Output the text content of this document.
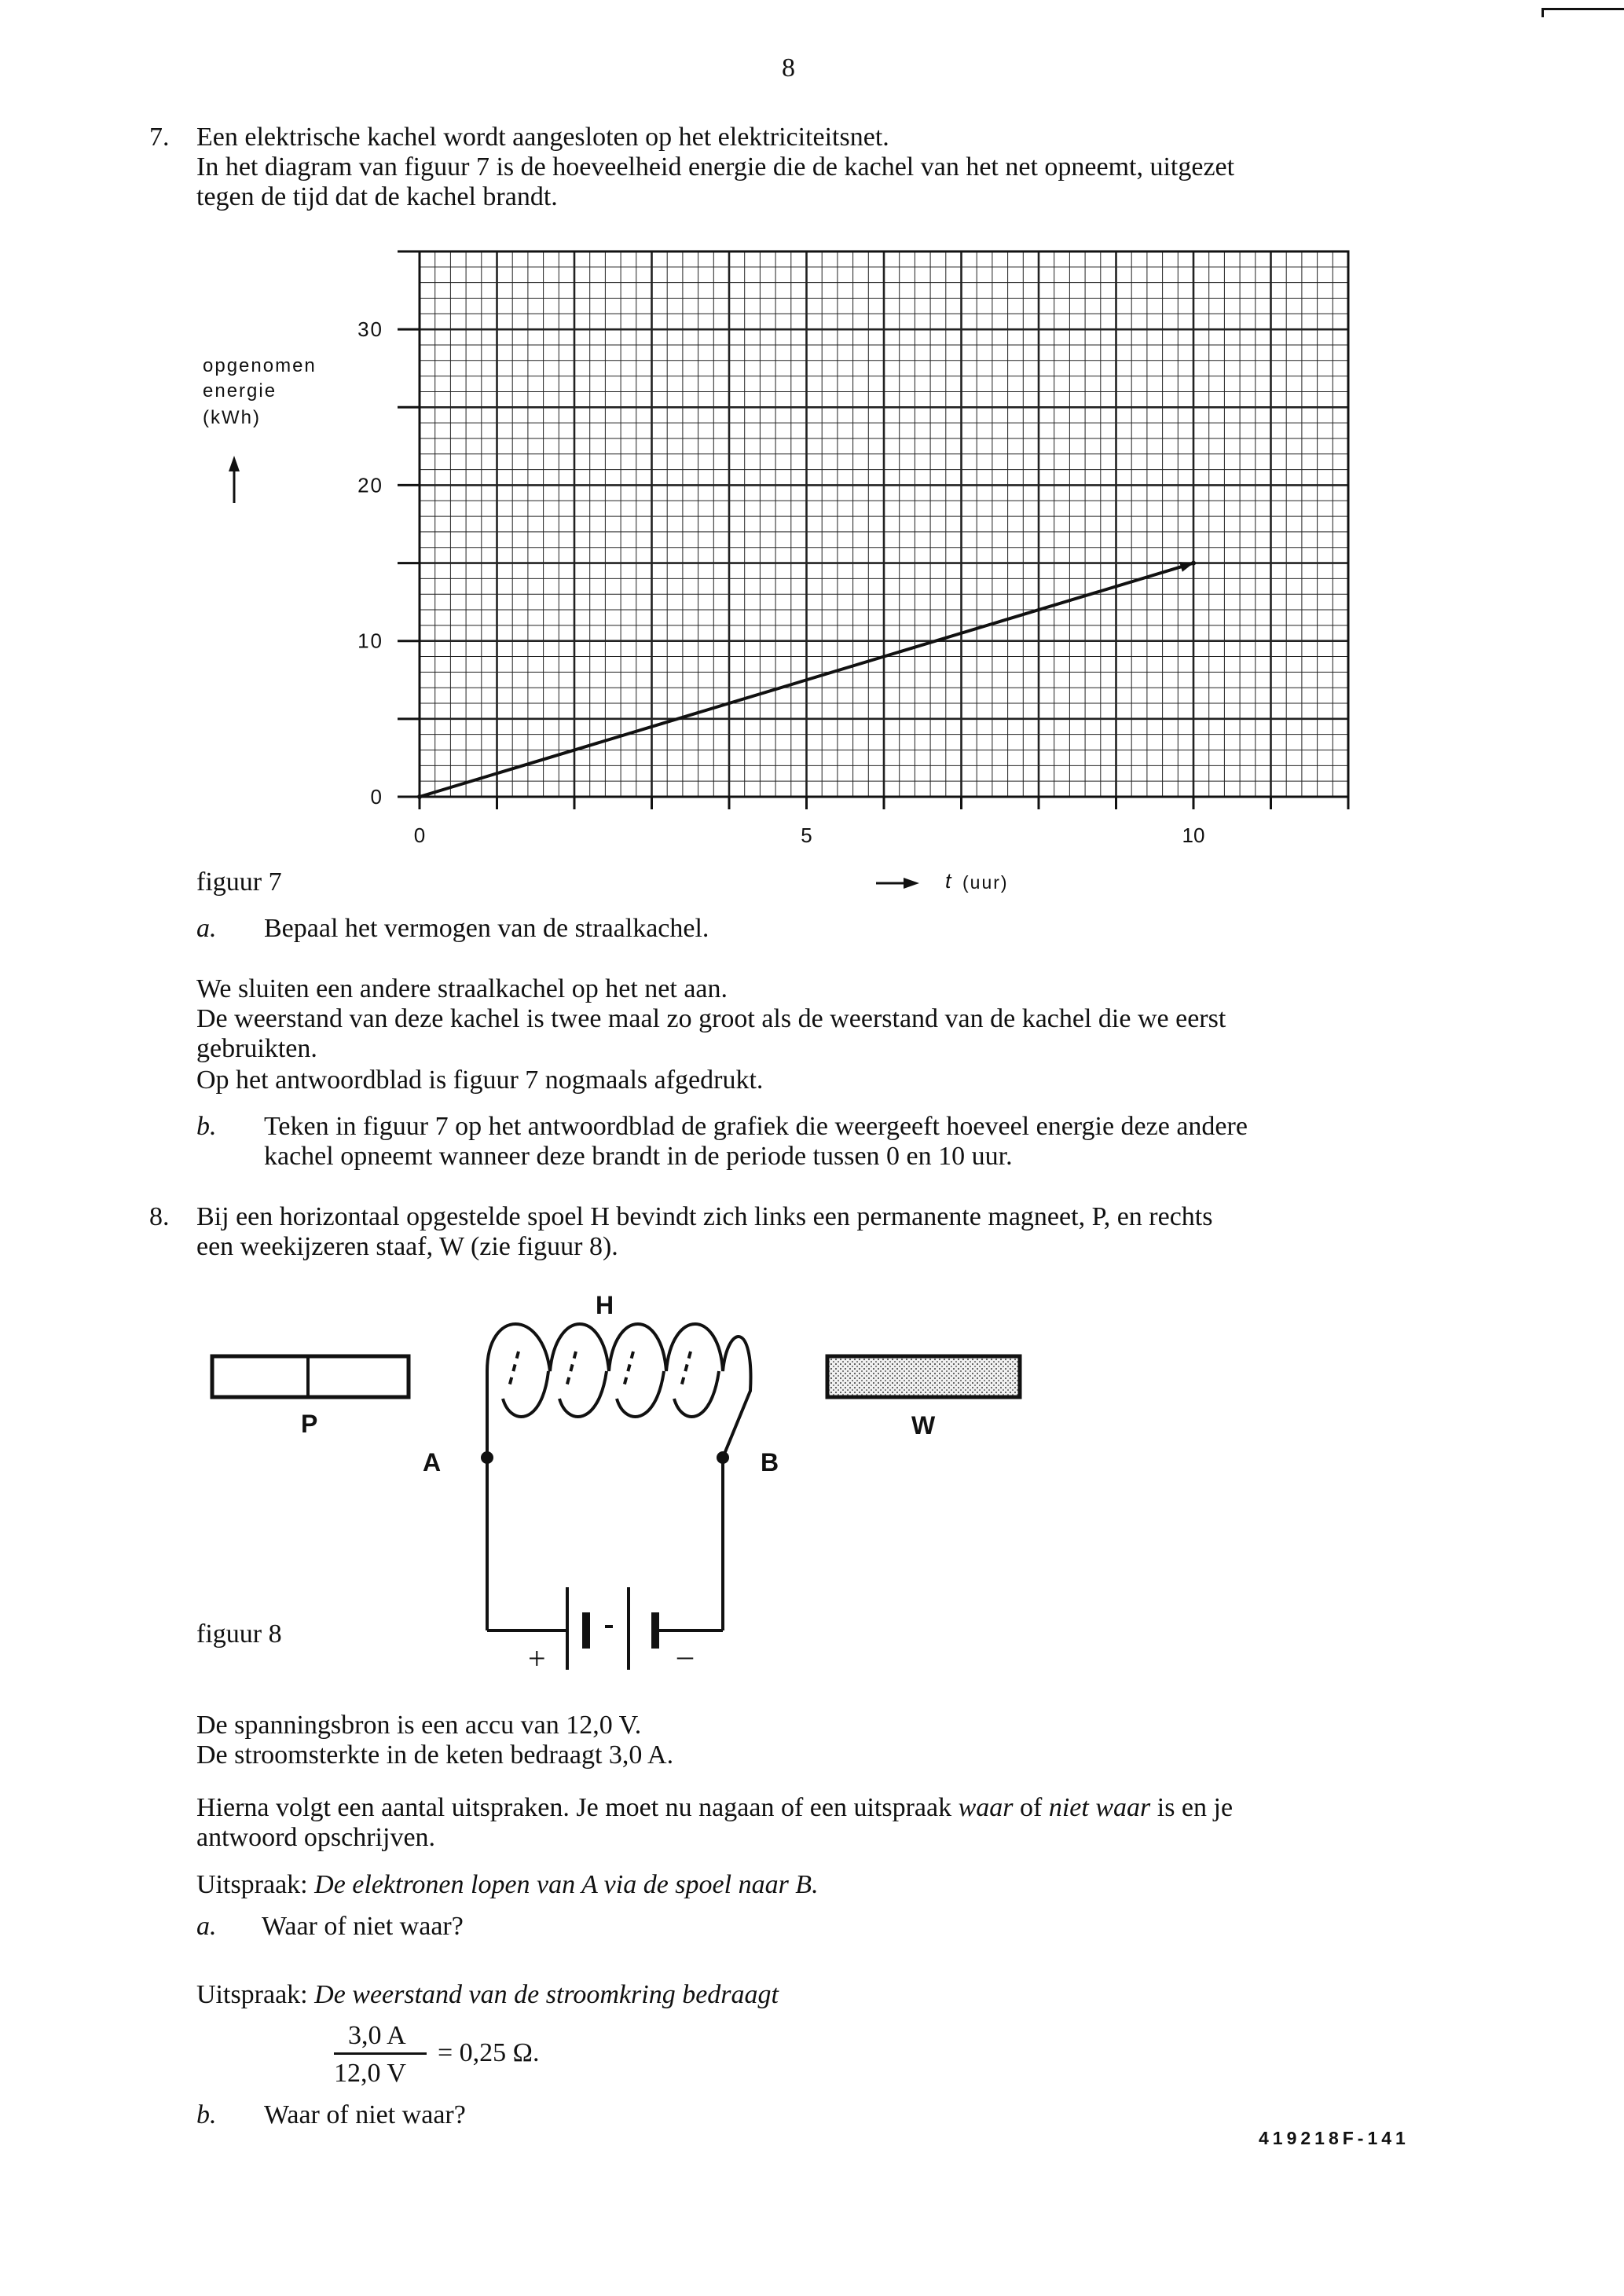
8

7. Een elektrische kachel wordt aangesloten op het elektriciteitsnet.

In het diagram van figuur 7 is de hoeveelheid energie die de kachel van het net opneemt, uitgezet

tegen de tijd dat de kachel brandt.

0	5	10
0
10
20
30

opgenomen

energie

(kWh)

figuur 7	t (uur)

a. Bepaal het vermogen van de straalkachel.

We sluiten een andere straalkachel op het net aan.

De weerstand van deze kachel is twee maal zo groot als de weerstand van de kachel die we eerst

gebruikten.

Op het antwoordblad is figuur 7 nogmaals afgedrukt.

b. Teken in figuur 7 op het antwoordblad de grafiek die weergeeft hoeveel energie deze andere

kachel opneemt wanneer deze brandt in de periode tussen 0 en 10 uur.

8. Bij een horizontaal opgestelde spoel H bevindt zich links een permanente magneet, P, en rechts

een weekijzeren staaf, W (zie figuur 8).

H

P	W

A	B

+	–

figuur 8

De spanningsbron is een accu van 12,0 V.

De stroomsterkte in de keten bedraagt 3,0 A.

Hierna volgt een aantal uitspraken. Je moet nu nagaan of een uitspraak waar of niet waar is en je

antwoord opschrijven.

Uitspraak: De elektronen lopen van A via de spoel naar B.

a. Waar of niet waar?

Uitspraak: De weerstand van de stroomkring bedraagt

3,0 A

12,0 V

= 0,25 Ω.

b. Waar of niet waar?

419218F-141
